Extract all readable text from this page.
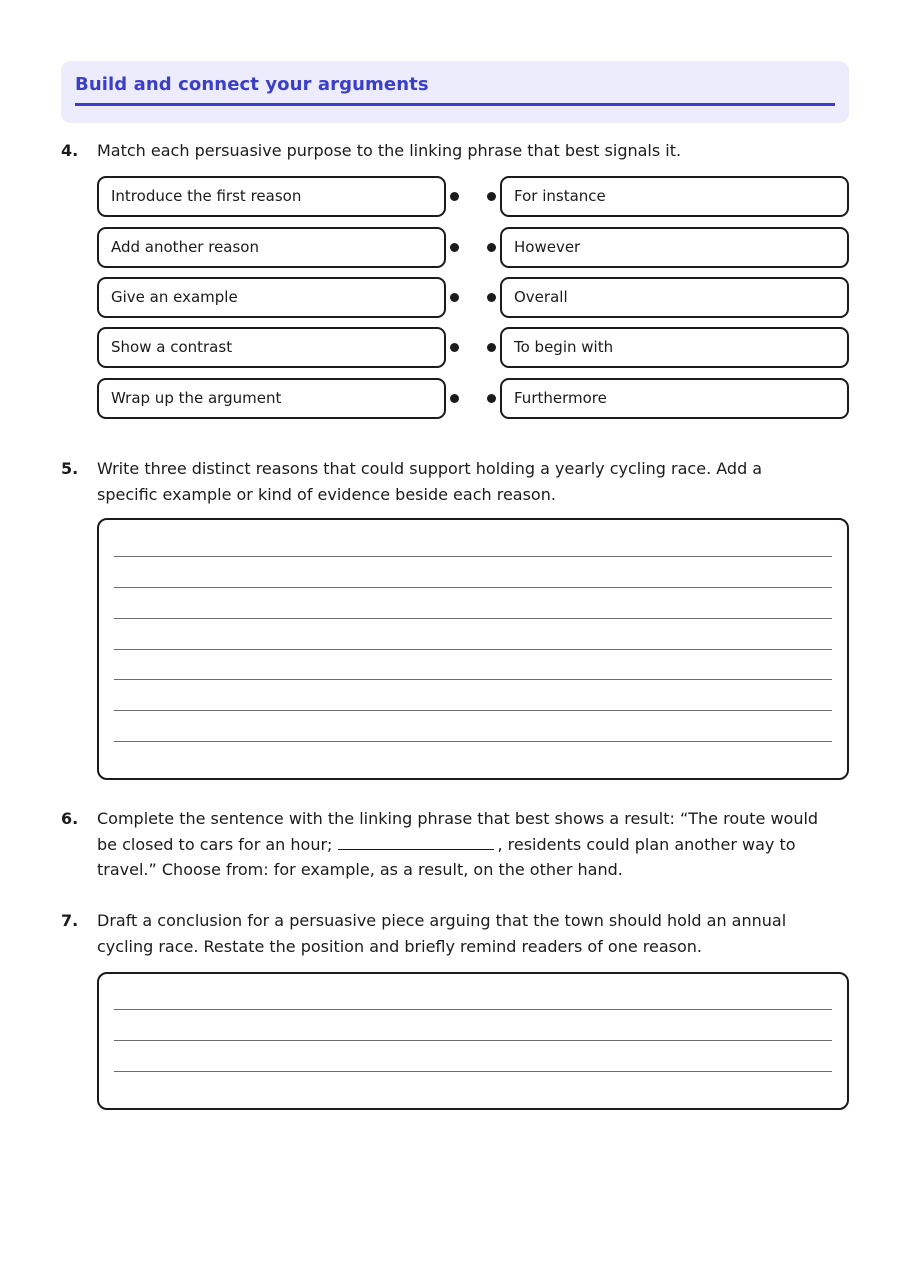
Build and connect your arguments
4. Match each persuasive purpose to the linking phrase that best signals it.
Introduce the first reason
Add another reason
Give an example
Show a contrast
Wrap up the argument
For instance
However
Overall
To begin with
Furthermore
5. Write three distinct reasons that could support holding a yearly cycling race. Add a specific example or kind of evidence beside each reason.
6. Complete the sentence with the linking phrase that best shows a result: “The route would be closed to cars for an hour;	, residents could plan another way to travel.” Choose from: for example, as a result, on the other hand.
7. Draft a conclusion for a persuasive piece arguing that the town should hold an annual cycling race. Restate the position and briefly remind readers of one reason.
